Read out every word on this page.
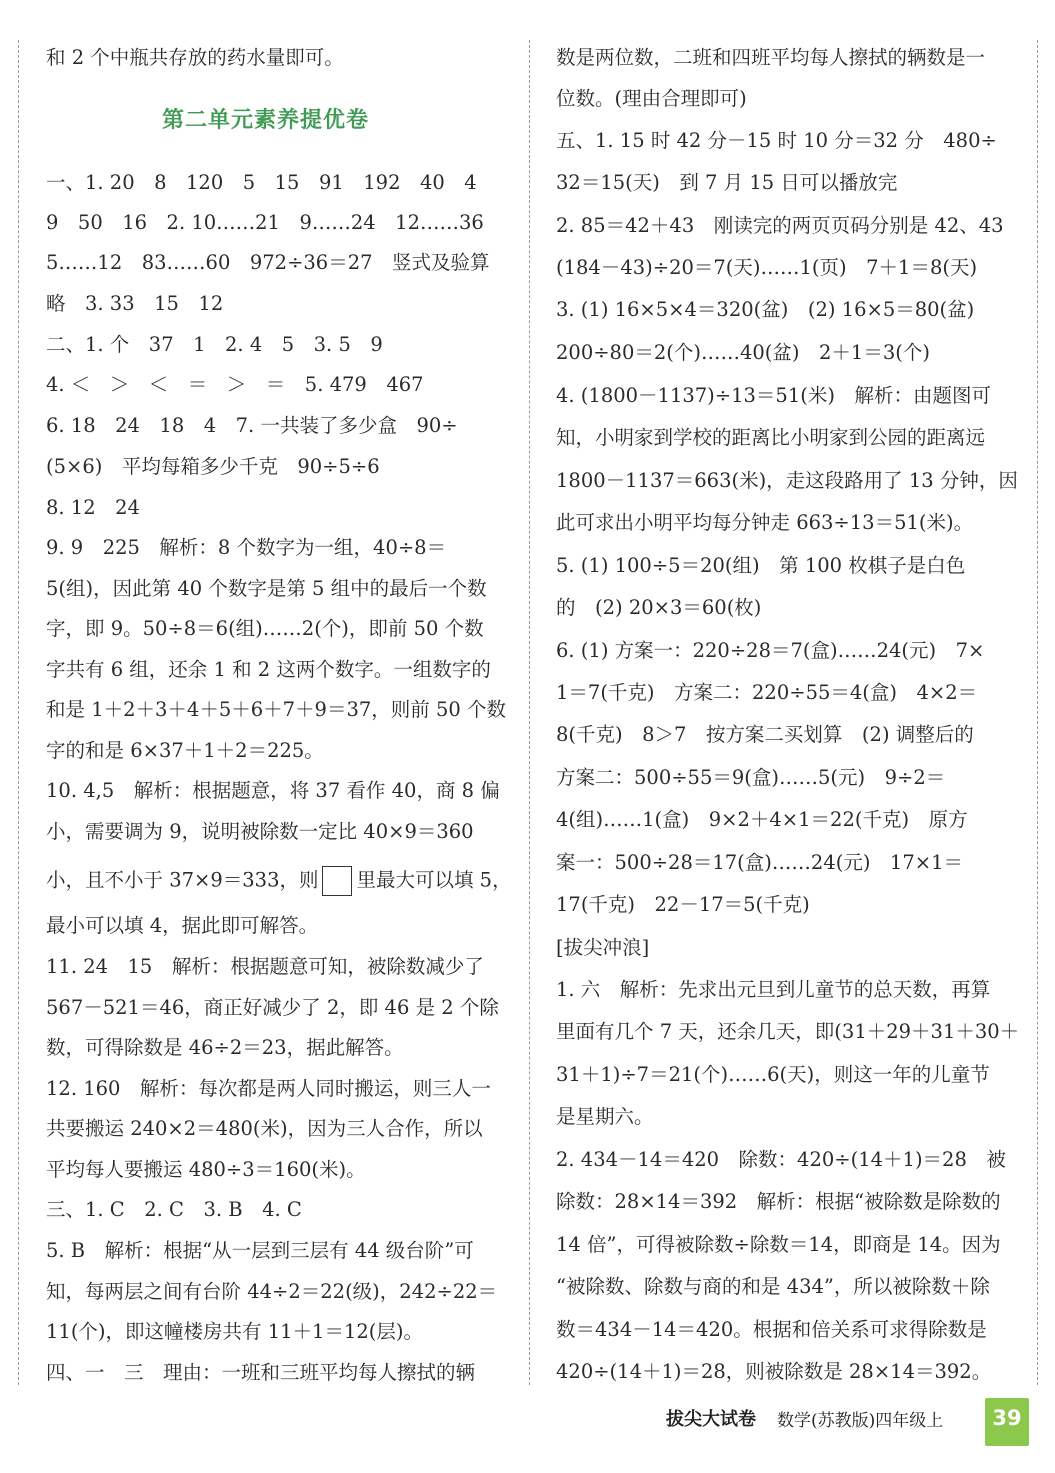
和 2 个中瓶共存放的药水量即可。
第二单元素养提优卷
一、1. 20　8　120　5　15　91　192　40　4
9　50　16　2. 10……21　9……24　12……36
5……12　83……60　972÷36＝27　竖式及验算
略　3. 33　15　12
二、1. 个　37　1　2. 4　5　3. 5　9
4. ＜　＞　＜　＝　＞　＝　5. 479　467
6. 18　24　18　4　7. 一共装了多少盒　90÷
(5×6)　平均每箱多少千克　90÷5÷6
8. 12　24
9. 9　225　解析：8 个数字为一组，40÷8＝
5(组)，因此第 40 个数字是第 5 组中的最后一个数
字，即 9。50÷8＝6(组)……2(个)，即前 50 个数
字共有 6 组，还余 1 和 2 这两个数字。一组数字的
和是 1＋2＋3＋4＋5＋6＋7＋9＝37，则前 50 个数
字的和是 6×37＋1＋2＝225。
10. 4,5　解析：根据题意，将 37 看作 40，商 8 偏
小，需要调为 9，说明被除数一定比 40×9＝360
小，且不小于 37×9＝333，则 里最大可以填 5，
最小可以填 4，据此即可解答。
11. 24　15　解析：根据题意可知，被除数减少了
567－521＝46，商正好减少了 2，即 46 是 2 个除
数，可得除数是 46÷2＝23，据此解答。
12. 160　解析：每次都是两人同时搬运，则三人一
共要搬运 240×2＝480(米)，因为三人合作，所以
平均每人要搬运 480÷3＝160(米)。
三、1. C　2. C　3. B　4. C
5. B　解析：根据“从一层到三层有 44 级台阶”可
知，每两层之间有台阶 44÷2＝22(级)，242÷22＝
11(个)，即这幢楼房共有 11＋1＝12(层)。
四、一　三　理由：一班和三班平均每人擦拭的辆
数是两位数，二班和四班平均每人擦拭的辆数是一
位数。(理由合理即可)
五、1. 15 时 42 分－15 时 10 分＝32 分　480÷
32＝15(天)　到 7 月 15 日可以播放完
2. 85＝42＋43　刚读完的两页页码分别是 42、43
(184－43)÷20＝7(天)……1(页)　7＋1＝8(天)
3. (1) 16×5×4＝320(盆)　(2) 16×5＝80(盆)
200÷80＝2(个)……40(盆)　2＋1＝3(个)
4. (1800－1137)÷13＝51(米)　解析：由题图可
知，小明家到学校的距离比小明家到公园的距离远
1800－1137＝663(米)，走这段路用了 13 分钟，因
此可求出小明平均每分钟走 663÷13＝51(米)。
5. (1) 100÷5＝20(组)　第 100 枚棋子是白色
的　(2) 20×3＝60(枚)
6. (1) 方案一：220÷28＝7(盒)……24(元)　7×
1＝7(千克)　方案二：220÷55＝4(盒)　4×2＝
8(千克)　8＞7　按方案二买划算　(2) 调整后的
方案二：500÷55＝9(盒)……5(元)　9÷2＝
4(组)……1(盒)　9×2＋4×1＝22(千克)　原方
案一：500÷28＝17(盒)……24(元)　17×1＝
17(千克)　22－17＝5(千克)
[拔尖冲浪]
1. 六　解析：先求出元旦到儿童节的总天数，再算
里面有几个 7 天，还余几天，即(31＋29＋31＋30＋
31＋1)÷7＝21(个)……6(天)，则这一年的儿童节
是星期六。
2. 434－14＝420　除数：420÷(14＋1)＝28　被
除数：28×14＝392　解析：根据“被除数是除数的
14 倍”，可得被除数÷除数＝14，即商是 14。因为
“被除数、除数与商的和是 434”，所以被除数＋除
数＝434－14＝420。根据和倍关系可求得除数是
420÷(14＋1)＝28，则被除数是 28×14＝392。
拔尖大试卷 数学(苏教版)四年级上	39
